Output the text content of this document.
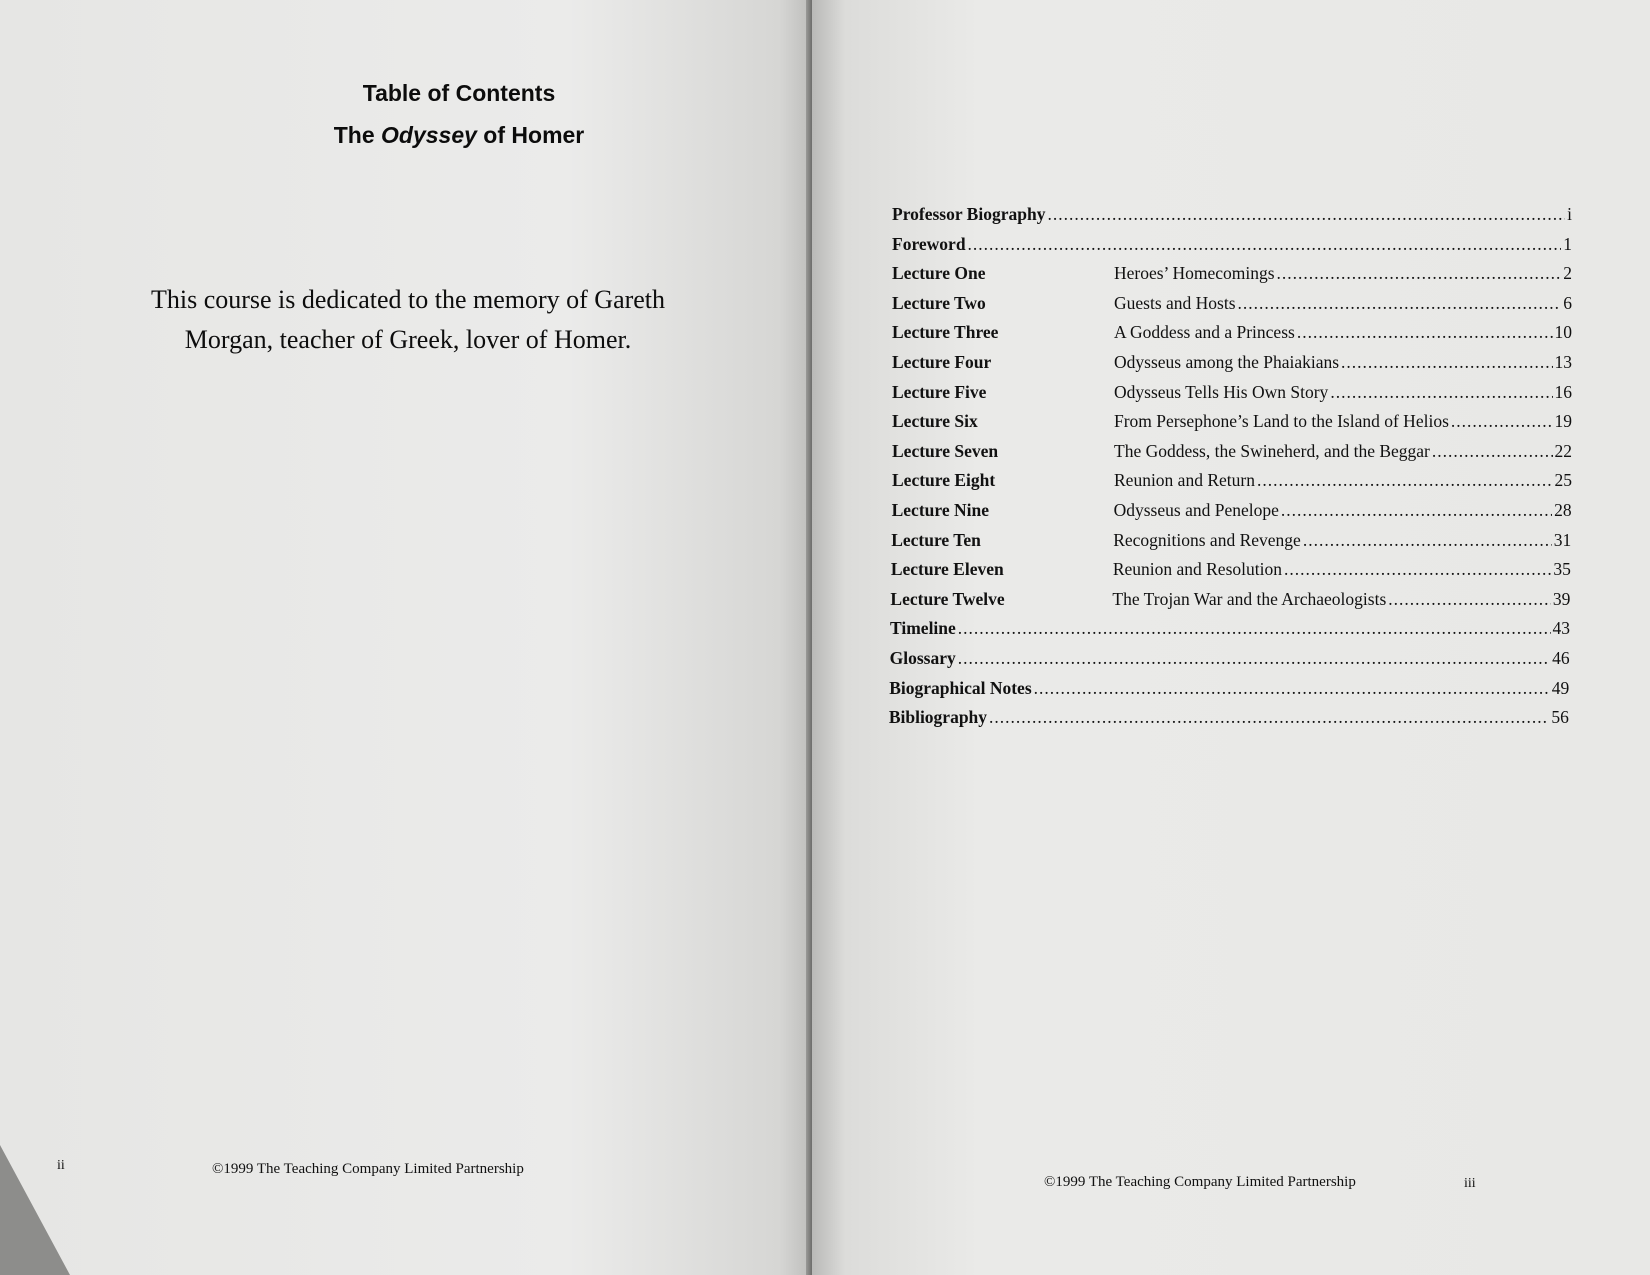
This course is dedicated to the memory of Gareth Morgan, teacher of Greek, lover of Homer.
ii	©1999 The Teaching Company Limited Partnership
iii
©1999 The Teaching Company Limited Partnership
Table of Contents
The Odyssey of Homer
Professor Biography .....	i
Foreword .....	1
Lecture One	Heroes’ Homecomings .....	2
Lecture Two	Guests and Hosts .....	6
Lecture Three	A Goddess and a Princess .....	10
Lecture Four	Odysseus among the Phaiakians .....	13
Lecture Five	Odysseus Tells His Own Story .....	16
Lecture Six	From Persephone’s Land to the Island of Helios .....	19
Lecture Seven	The Goddess, the Swineherd, and the Beggar .....	22
Lecture Eight	Reunion and Return .....	25
Lecture Nine	Odysseus and Penelope .....	28
Lecture Ten	Recognitions and Revenge .....	31
Lecture Eleven	Reunion and Resolution .....	35
Lecture Twelve	The Trojan War and the Archaeologists .....	39
Timeline .....	43
Glossary .....	46
Biographical Notes .....	49
Bibliography .....	56
